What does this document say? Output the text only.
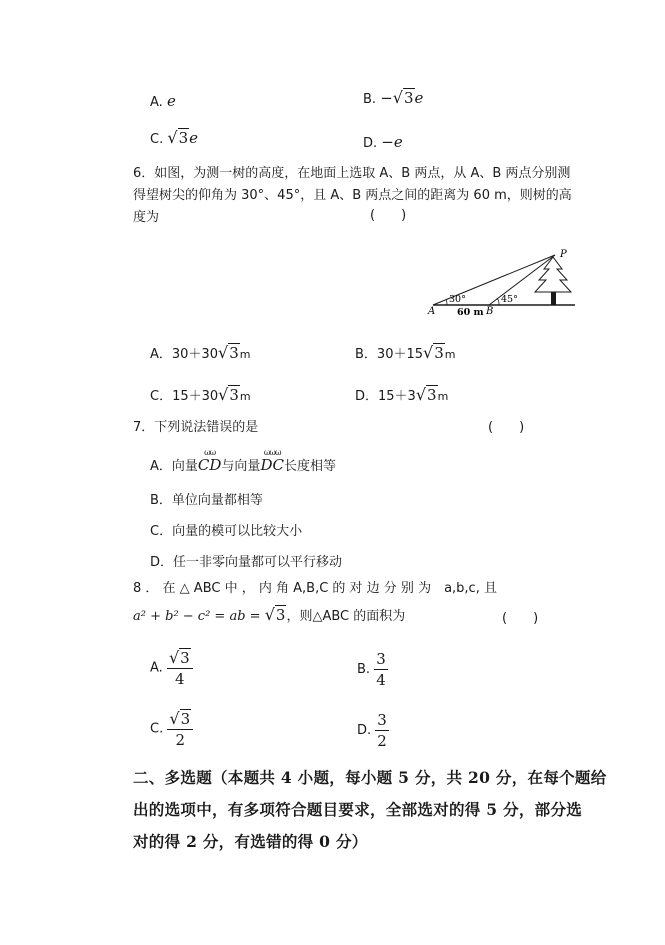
A. e	B. −√3e
C. √3e	D. −e
6．如图，为测一树的高度，在地面上选取 A、B 两点，从 A、B 两点分别测
得望树尖的仰角为 30°、45°，且 A、B 两点之间的距离为 60 m，则树的高
度为	(　　)
P
A	B
30°	45°
60 m
A．30＋30√3m	B．30＋15√3m
C．15＋30√3m	D．15＋3√3m
7．下列说法错误的是	(　　)
A．向量
ωω
CD与向量
ωωω
DC长度相等
B．单位向量都相等
C．向量的模可以比较大小
D．任一非零向量都可以平行移动
8 ． 在 △ ABC 中 ， 内 角 A,B,C 的 对 边 分 别 为　a,b,c, 且
a² + b² − c² = ab = √3，则△ABC 的面积为	(　　)
A. $\frac{√3}{4}$	B. $\frac{3}{4}$
C. $\frac{√3}{2}$	D. $\frac{3}{2}$
二、多选题（本题共 4 小题，每小题 5 分，共 20 分，在每个题给
出的选项中，有多项符合题目要求，全部选对的得 5 分，部分选
对的得 2 分，有选错的得 0 分）
